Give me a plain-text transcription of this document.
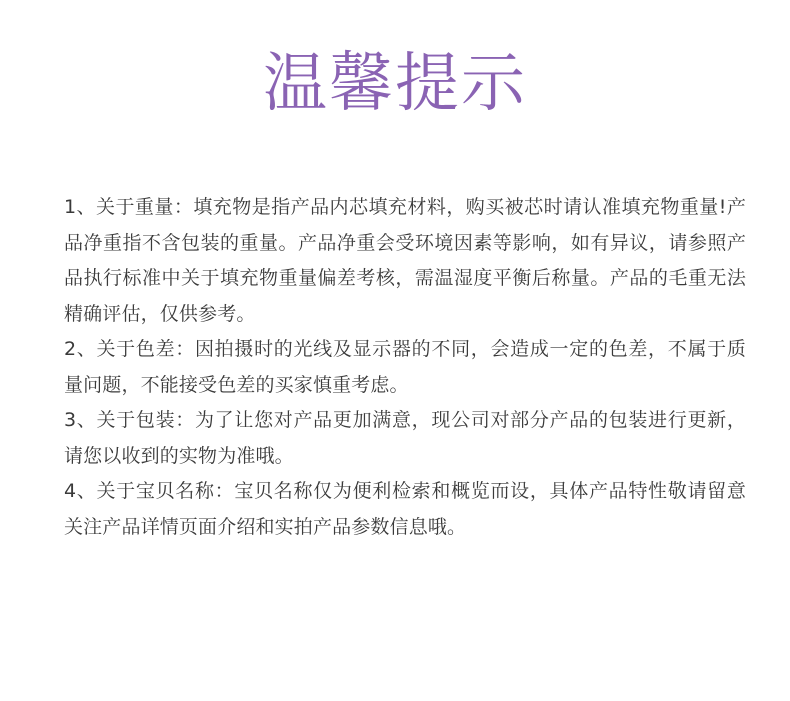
温馨提示

1、关于重量：填充物是指产品内芯填充材料，购买被芯时请认准填充物重量!产品净重指不含包装的重量。产品净重会受环境因素等影响，如有异议，请参照产品执行标准中关于填充物重量偏差考核，需温湿度平衡后称量。产品的毛重无法精确评估，仅供参考。

2、关于色差：因拍摄时的光线及显示器的不同，会造成一定的色差，不属于质量问题，不能接受色差的买家慎重考虑。

3、关于包装：为了让您对产品更加满意，现公司对部分产品的包装进行更新，请您以收到的实物为准哦。

4、关于宝贝名称：宝贝名称仅为便利检索和概览而设，具体产品特性敬请留意关注产品详情页面介绍和实拍产品参数信息哦。
